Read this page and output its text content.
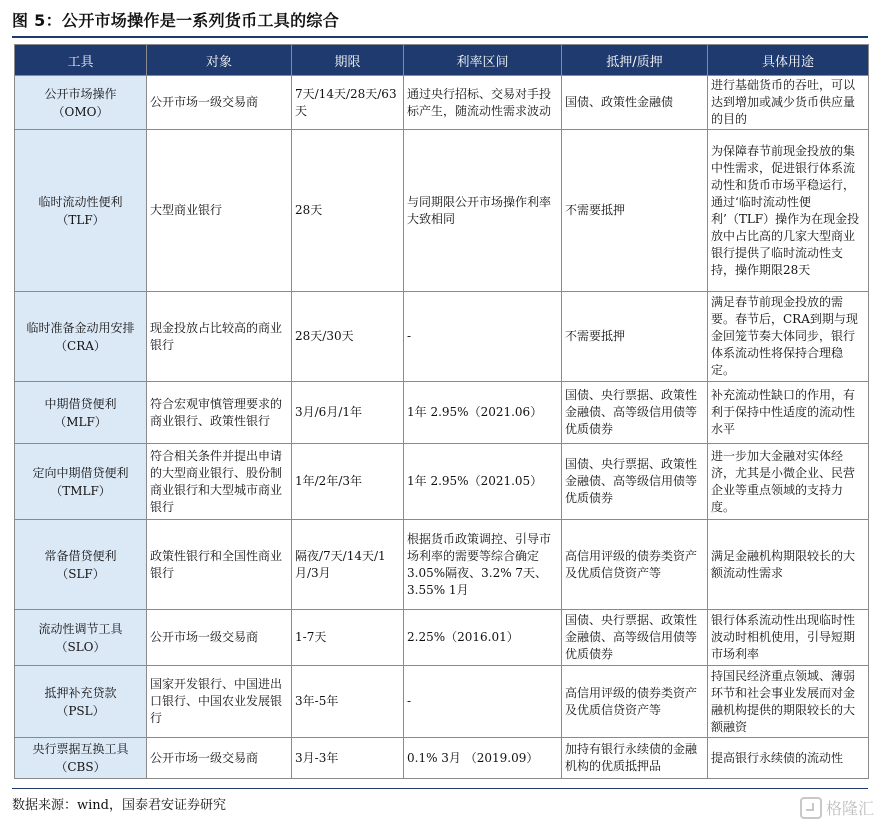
图 5：公开市场操作是一系列货币工具的综合
工具	对象	期限	利率区间	抵押/质押	具体用途
公开市场操作
（OMO）	公开市场一级交易商	7天/14天/28天/63天	通过央行招标、交易对手投标产生，随流动性需求波动	国债、政策性金融债	进行基础货币的吞吐，可以达到增加或减少货币供应量的目的
临时流动性便利
（TLF）	大型商业银行	28天	与同期限公开市场操作利率大致相同	不需要抵押	为保障春节前现金投放的集中性需求，促进银行体系流动性和货币市场平稳运行，通过‘临时流动性便利’（TLF）操作为在现金投放中占比高的几家大型商业银行提供了临时流动性支持，操作期限28天
临时准备金动用安排
（CRA）	现金投放占比较高的商业银行	28天/30天	-	不需要抵押	满足春节前现金投放的需要。春节后，CRA到期与现金回笼节奏大体同步，银行体系流动性将保持合理稳定。
中期借贷便利
（MLF）	符合宏观审慎管理要求的商业银行、政策性银行	3月/6月/1年	1年 2.95%（2021.06）	国债、央行票据、政策性金融债、高等级信用债等优质债券	补充流动性缺口的作用，有利于保持中性适度的流动性水平
定向中期借贷便利
（TMLF）	符合相关条件并提出申请的大型商业银行、股份制商业银行和大型城市商业银行	1年/2年/3年	1年 2.95%（2021.05）	国债、央行票据、政策性金融债、高等级信用债等优质债券	进一步加大金融对实体经济，尤其是小微企业、民营企业等重点领域的支持力度。
常备借贷便利
（SLF）	政策性银行和全国性商业银行	隔夜/7天/14天/1月/3月	根据货币政策调控、引导市场利率的需要等综合确定 3.05%隔夜、3.2% 7天、3.55% 1月	高信用评级的债券类资产及优质信贷资产等	满足金融机构期限较长的大额流动性需求
流动性调节工具
（SLO）	公开市场一级交易商	1-7天	2.25%（2016.01）	国债、央行票据、政策性金融债、高等级信用债等优质债券	银行体系流动性出现临时性波动时相机使用，引导短期市场利率
抵押补充贷款
（PSL）	国家开发银行、中国进出口银行、中国农业发展银行	3年-5年	-	高信用评级的债券类资产及优质信贷资产等	持国民经济重点领域、薄弱环节和社会事业发展而对金融机构提供的期限较长的大额融资
央行票据互换工具
（CBS）	公开市场一级交易商	3月-3年	0.1% 3月 （2019.09）	加持有银行永续债的金融机构的优质抵押品	提高银行永续债的流动性
数据来源：wind，国泰君安证券研究	格隆汇
